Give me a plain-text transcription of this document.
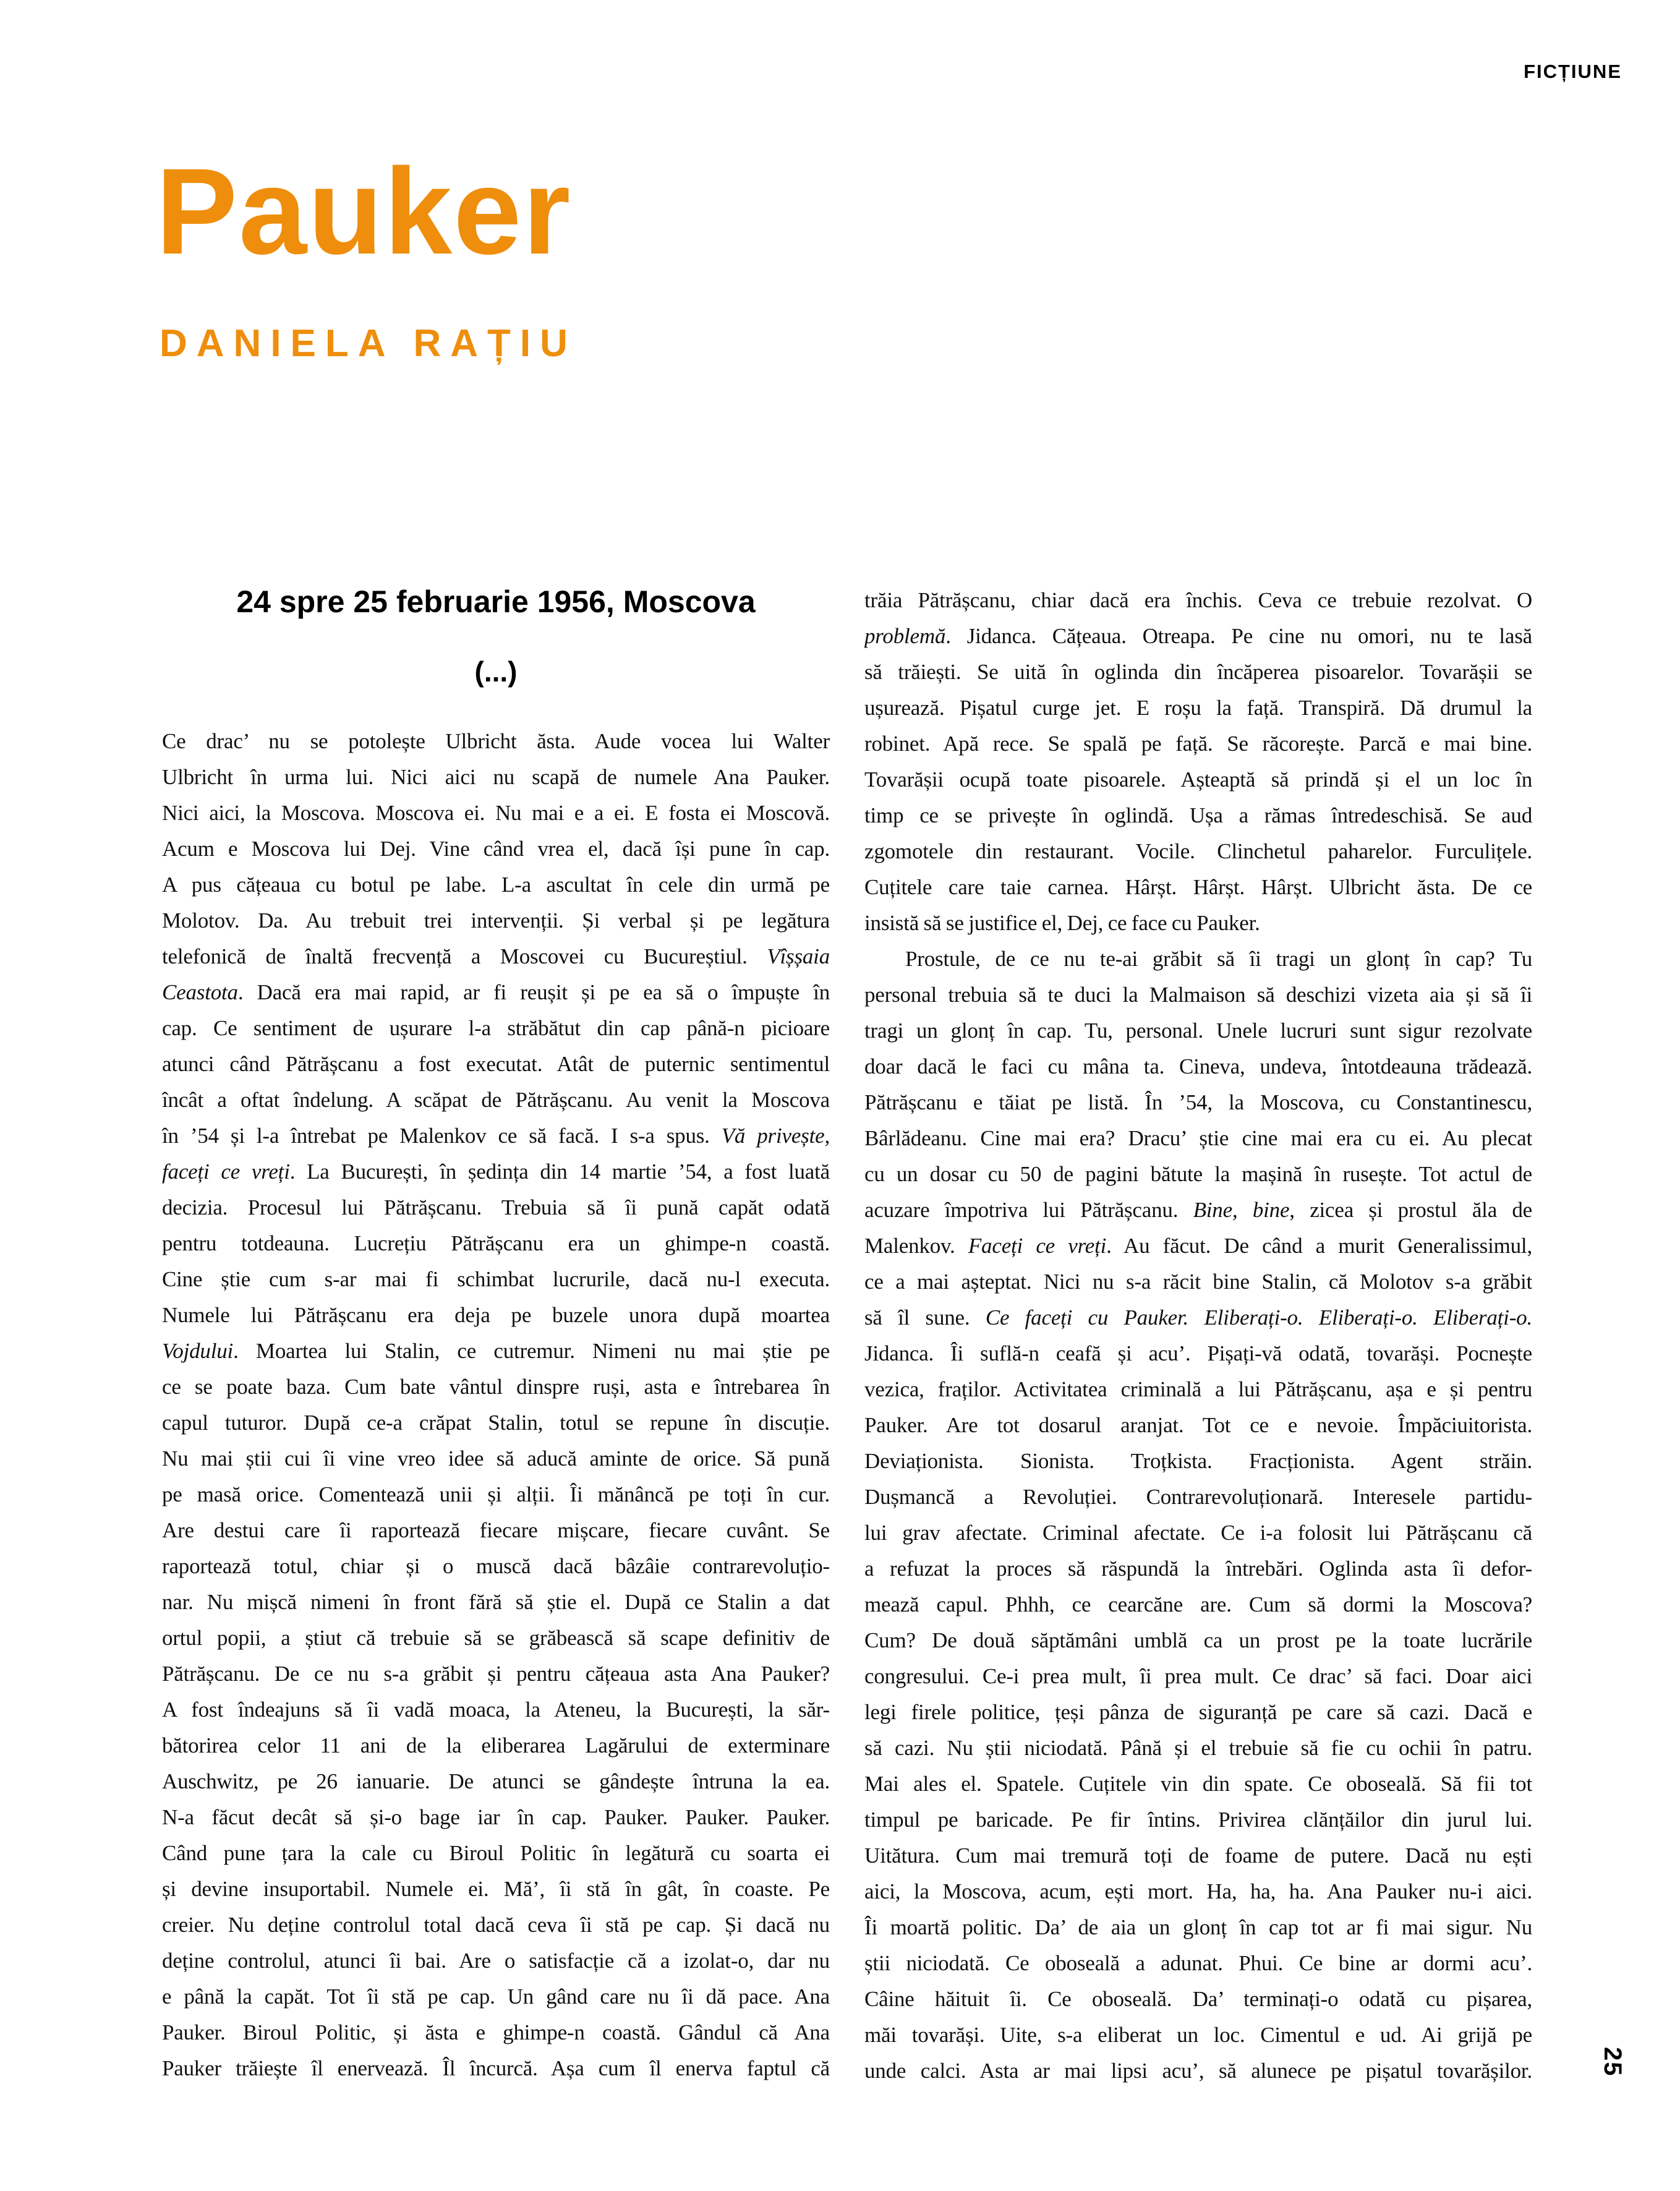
FICȚIUNE
Pauker
DANIELA RAȚIU
24 spre 25 februarie 1956, Moscova
(...)
Ce drac’ nu se potolește Ulbricht ăsta. Aude vocea lui Walter
Ulbricht în urma lui. Nici aici nu scapă de numele Ana Pauker.
Nici aici, la Moscova. Moscova ei. Nu mai e a ei. E fosta ei Moscovă.
Acum e Moscova lui Dej. Vine când vrea el, dacă își pune în cap.
A pus cățeaua cu botul pe labe. L-a ascultat în cele din urmă pe
Molotov. Da. Au trebuit trei intervenții. Și verbal și pe legătura
telefonică de înaltă frecvență a Moscovei cu Bucureștiul. Vîșșaia
Ceastota. Dacă era mai rapid, ar fi reușit și pe ea să o împuște în
cap. Ce sentiment de ușurare l-a străbătut din cap până-n picioare
atunci când Pătrășcanu a fost executat. Atât de puternic sentimentul
încât a oftat îndelung. A scăpat de Pătrășcanu. Au venit la Moscova
în ’54 și l-a întrebat pe Malenkov ce să facă. I s-a spus. Vă privește,
faceți ce vreți. La București, în ședința din 14 martie ’54, a fost luată
decizia. Procesul lui Pătrășcanu. Trebuia să îi pună capăt odată
pentru totdeauna. Lucrețiu Pătrășcanu era un ghimpe-n coastă.
Cine știe cum s-ar mai fi schimbat lucrurile, dacă nu-l executa.
Numele lui Pătrășcanu era deja pe buzele unora după moartea
Vojdului. Moartea lui Stalin, ce cutremur. Nimeni nu mai știe pe
ce se poate baza. Cum bate vântul dinspre ruși, asta e întrebarea în
capul tuturor. După ce-a crăpat Stalin, totul se repune în discuție.
Nu mai știi cui îi vine vreo idee să aducă aminte de orice. Să pună
pe masă orice. Comentează unii și alții. Îi mănâncă pe toți în cur.
Are destui care îi raportează fiecare mișcare, fiecare cuvânt. Se
raportează totul, chiar și o muscă dacă bâzâie contrarevoluțio-
nar. Nu mișcă nimeni în front fără să știe el. După ce Stalin a dat
ortul popii, a știut că trebuie să se grăbească să scape definitiv de
Pătrășcanu. De ce nu s-a grăbit și pentru cățeaua asta Ana Pauker?
A fost îndeajuns să îi vadă moaca, la Ateneu, la București, la săr-
bătorirea celor 11 ani de la eliberarea Lagărului de exterminare
Auschwitz, pe 26 ianuarie. De atunci se gândește întruna la ea.
N-a făcut decât să și-o bage iar în cap. Pauker. Pauker. Pauker.
Când pune țara la cale cu Biroul Politic în legătură cu soarta ei
și devine insuportabil. Numele ei. Mă’, îi stă în gât, în coaste. Pe
creier. Nu deține controlul total dacă ceva îi stă pe cap. Și dacă nu
deține controlul, atunci îi bai. Are o satisfacție că a izolat-o, dar nu
e până la capăt. Tot îi stă pe cap. Un gând care nu îi dă pace. Ana
Pauker. Biroul Politic, și ăsta e ghimpe-n coastă. Gândul că Ana
Pauker trăiește îl enervează. Îl încurcă. Așa cum îl enerva faptul că
trăia Pătrășcanu, chiar dacă era închis. Ceva ce trebuie rezolvat. O
problemă. Jidanca. Cățeaua. Otreapa. Pe cine nu omori, nu te lasă
să trăiești. Se uită în oglinda din încăperea pisoarelor. Tovarășii se
ușurează. Pișatul curge jet. E roșu la față. Transpiră. Dă drumul la
robinet. Apă rece. Se spală pe față. Se răcorește. Parcă e mai bine.
Tovarășii ocupă toate pisoarele. Așteaptă să prindă și el un loc în
timp ce se privește în oglindă. Ușa a rămas întredeschisă. Se aud
zgomotele din restaurant. Vocile. Clinchetul paharelor. Furculițele.
Cuțitele care taie carnea. Hârșt. Hârșt. Hârșt. Ulbricht ăsta. De ce
insistă să se justifice el, Dej, ce face cu Pauker.
Prostule, de ce nu te-ai grăbit să îi tragi un glonț în cap? Tu
personal trebuia să te duci la Malmaison să deschizi vizeta aia și să îi
tragi un glonț în cap. Tu, personal. Unele lucruri sunt sigur rezolvate
doar dacă le faci cu mâna ta. Cineva, undeva, întotdeauna trădează.
Pătrășcanu e tăiat pe listă. În ’54, la Moscova, cu Constantinescu,
Bârlădeanu. Cine mai era? Dracu’ știe cine mai era cu ei. Au plecat
cu un dosar cu 50 de pagini bătute la mașină în rusește. Tot actul de
acuzare împotriva lui Pătrășcanu. Bine, bine, zicea și prostul ăla de
Malenkov. Faceți ce vreți. Au făcut. De când a murit Generalissimul,
ce a mai așteptat. Nici nu s-a răcit bine Stalin, că Molotov s-a grăbit
să îl sune. Ce faceți cu Pauker. Eliberați-o. Eliberați-o. Eliberați-o.
Jidanca. Îi suflă-n ceafă și acu’. Pișați-vă odată, tovarăși. Pocnește
vezica, fraților. Activitatea criminală a lui Pătrășcanu, așa e și pentru
Pauker. Are tot dosarul aranjat. Tot ce e nevoie. Împăciuitorista.
Deviaționista. Sionista. Troțkista. Fracționista. Agent străin.
Dușmancă a Revoluției. Contrarevoluționară. Interesele partidu-
lui grav afectate. Criminal afectate. Ce i-a folosit lui Pătrășcanu că
a refuzat la proces să răspundă la întrebări. Oglinda asta îi defor-
mează capul. Phhh, ce cearcăne are. Cum să dormi la Moscova?
Cum? De două săptămâni umblă ca un prost pe la toate lucrările
congresului. Ce-i prea mult, îi prea mult. Ce drac’ să faci. Doar aici
legi firele politice, țeși pânza de siguranță pe care să cazi. Dacă e
să cazi. Nu știi niciodată. Până și el trebuie să fie cu ochii în patru.
Mai ales el. Spatele. Cuțitele vin din spate. Ce oboseală. Să fii tot
timpul pe baricade. Pe fir întins. Privirea clănțăilor din jurul lui.
Uitătura. Cum mai tremură toți de foame de putere. Dacă nu ești
aici, la Moscova, acum, ești mort. Ha, ha, ha. Ana Pauker nu-i aici.
Îi moartă politic. Da’ de aia un glonț în cap tot ar fi mai sigur. Nu
știi niciodată. Ce oboseală a adunat. Phui. Ce bine ar dormi acu’.
Câine hăituit îi. Ce oboseală. Da’ terminați-o odată cu pișarea,
măi tovarăși. Uite, s-a eliberat un loc. Cimentul e ud. Ai grijă pe
unde calci. Asta ar mai lipsi acu’, să alunece pe pișatul tovarășilor.	25
